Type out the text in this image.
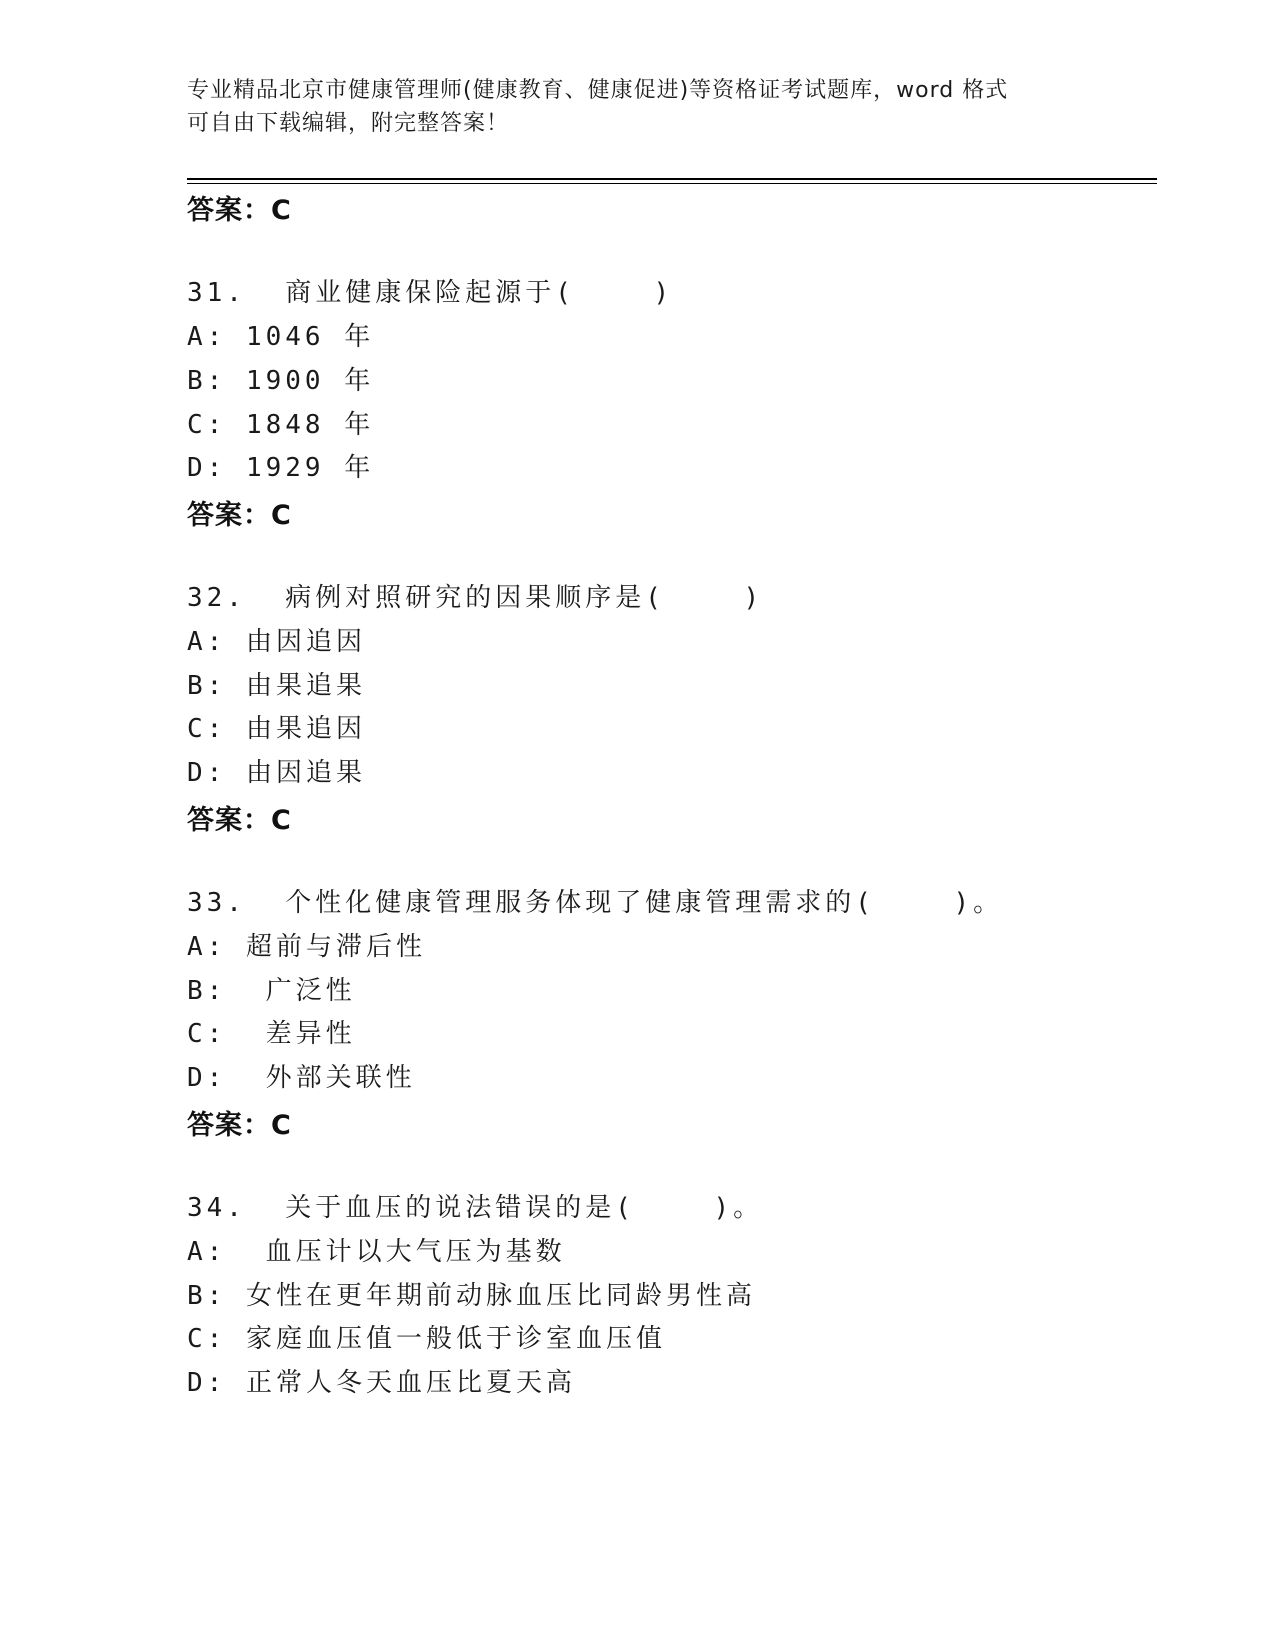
专业精品北京市健康管理师(健康教育、健康促进)等资格证考试题库，word 格式
可自由下载编辑，附完整答案！
答案：C
31.  商业健康保险起源于(    )
A: 1046 年
B: 1900 年
C: 1848 年
D: 1929 年
答案：C
32.  病例对照研究的因果顺序是(    )
A: 由因追因
B: 由果追果
C: 由果追因
D: 由因追果
答案：C
33.  个性化健康管理服务体现了健康管理需求的(    )。
A: 超前与滞后性
B:  广泛性
C:  差异性
D:  外部关联性
答案：C
34.  关于血压的说法错误的是(    )。
A:  血压计以大气压为基数
B: 女性在更年期前动脉血压比同龄男性高
C: 家庭血压值一般低于诊室血压值
D: 正常人冬天血压比夏天高
